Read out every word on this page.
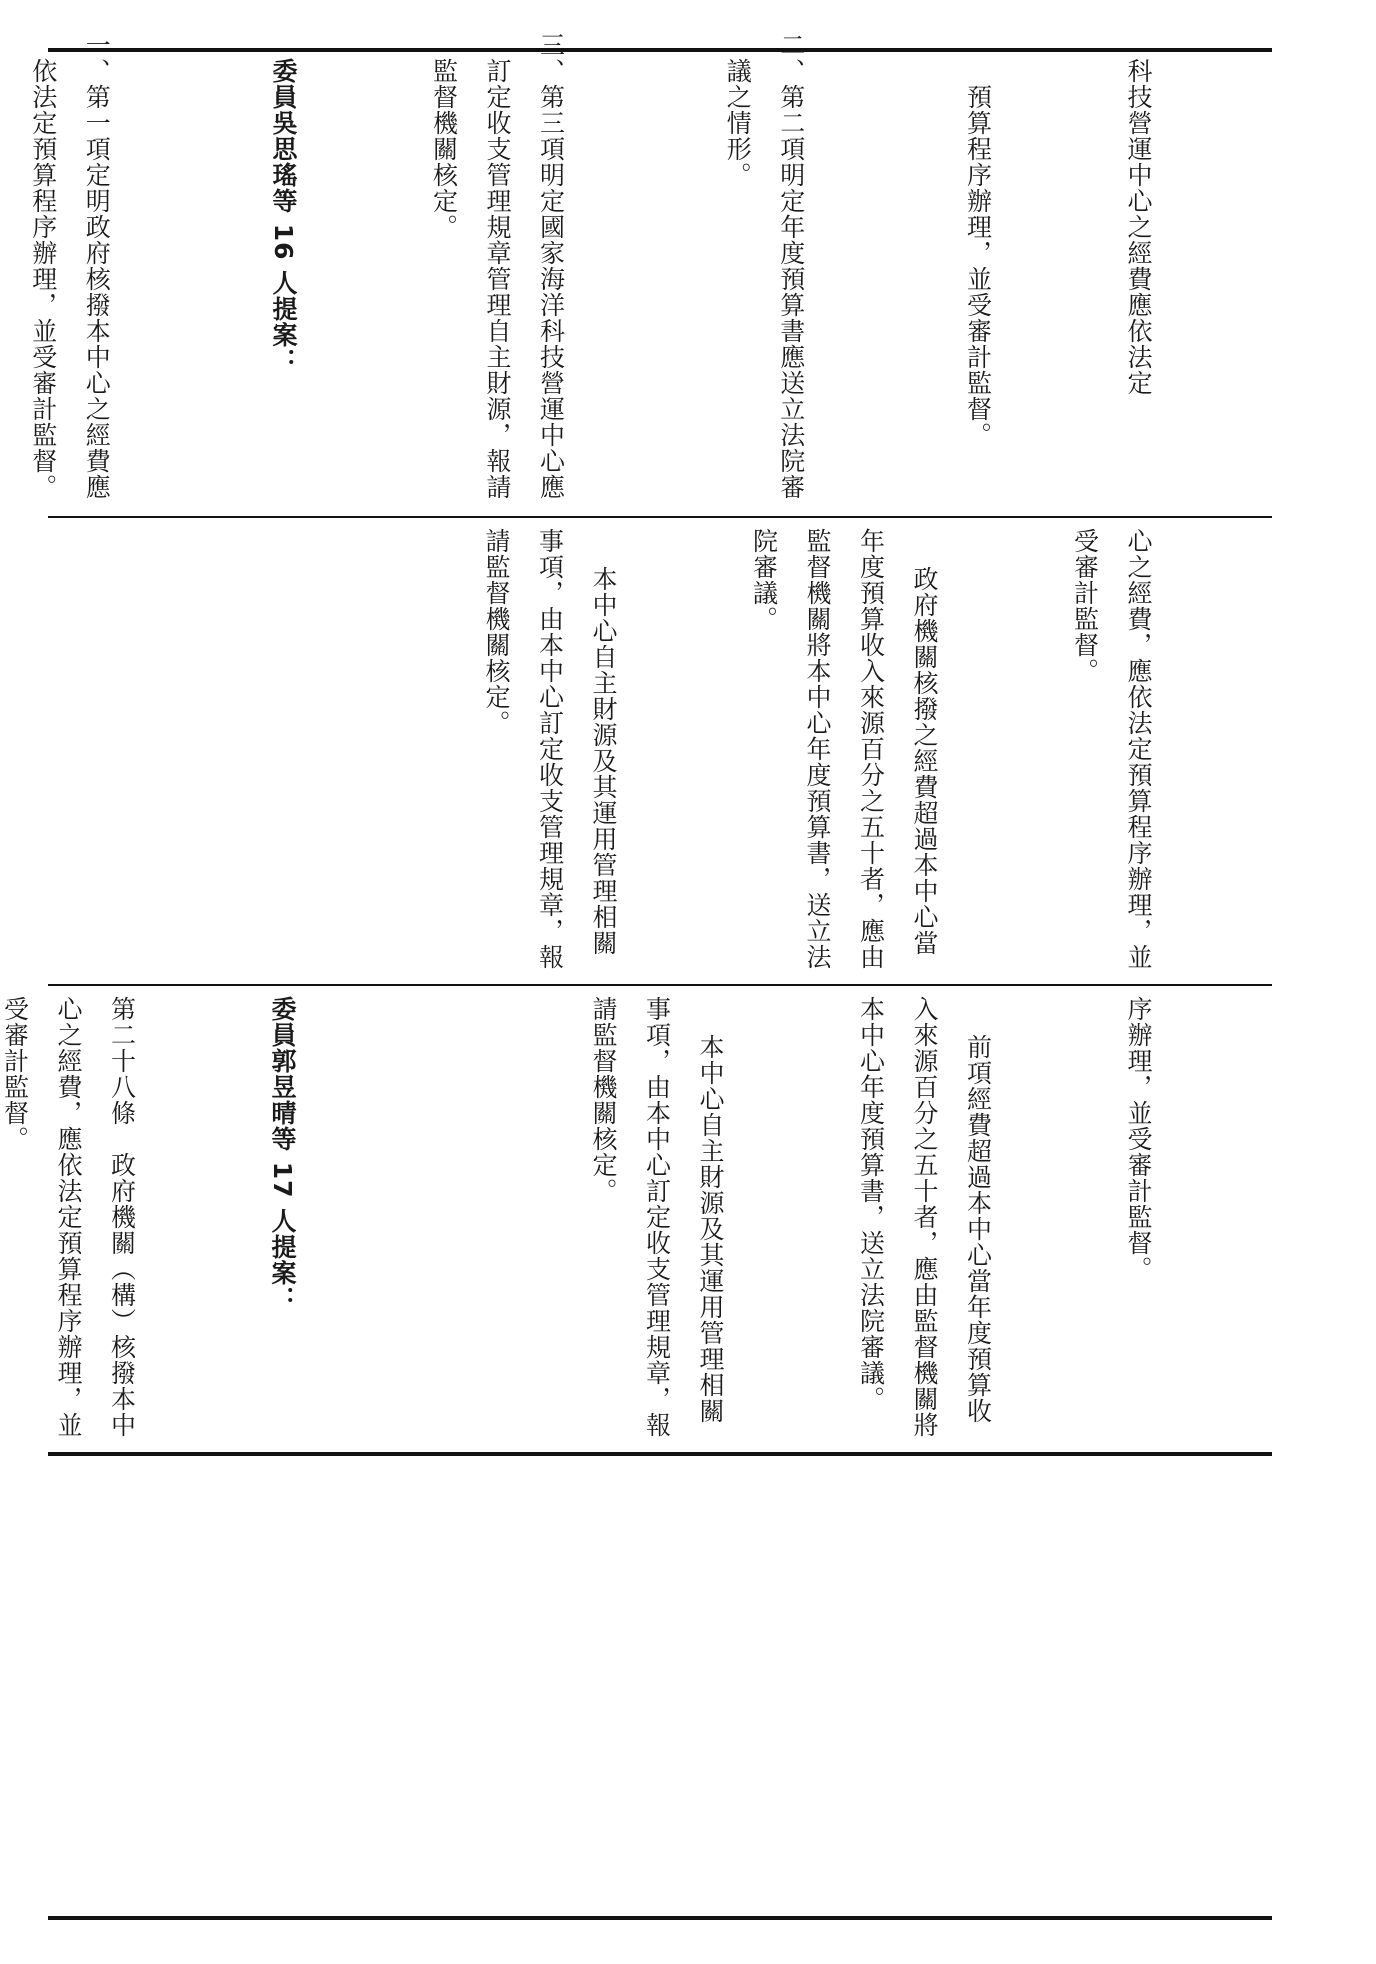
科技營運中心之經費應依法定

　預算程序辦理，並受審計監督。

二、第二項明定年度預算書應送立法院審議之情形。

三、第三項明定國家海洋科技營運中心應訂定收支管理規章管理自主財源，報請監督機關核定。

委員吳思瑤等 16 人提案：

一、第一項定明政府核撥本中心之經費應依法定預算程序辦理，並受審計監督。

心之經費，應依法定預算程序辦理，並受審計監督。

政府機關核撥之經費超過本中心當年度預算收入來源百分之五十者，應由監督機關將本中心年度預算書，送立法院審議。

本中心自主財源及其運用管理相關事項，由本中心訂定收支管理規章，報請監督機關核定。

序辦理，並受審計監督。

前項經費超過本中心當年度預算收入來源百分之五十者，應由監督機關將本中心年度預算書，送立法院審議。

本中心自主財源及其運用管理相關事項，由本中心訂定收支管理規章，報請監督機關核定。

委員郭昱晴等 17 人提案：

第二十八條　政府機關（構）核撥本中心之經費，應依法定預算程序辦理，並受審計監督。
